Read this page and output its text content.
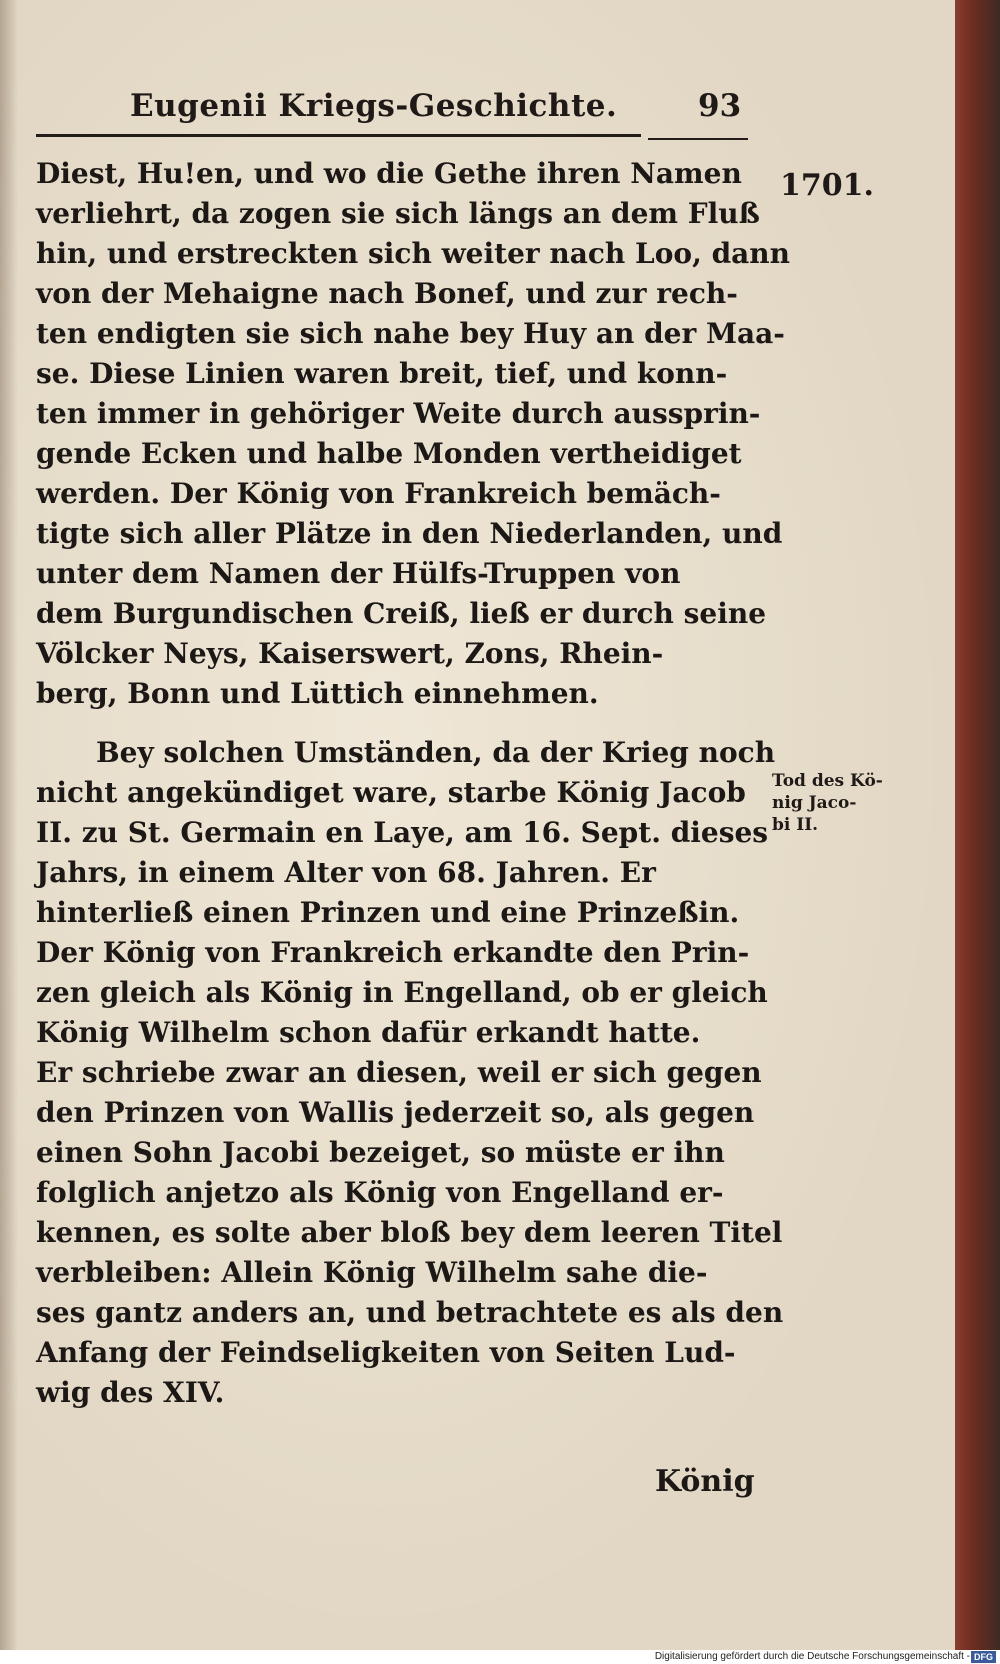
Eugenii Kriegs-Geschichte.	93
1701.
Tod des Kö-
nig Jaco-
bi II.
Diest, Hu!en, und wo die Gethe ihren Namen
verliehrt, da zogen sie sich längs an dem Fluß
hin, und erstreckten sich weiter nach Loo, dann
von der Mehaigne nach Bonef, und zur rech-
ten endigten sie sich nahe bey Huy an der Maa-
se. Diese Linien waren breit, tief, und konn-
ten immer in gehöriger Weite durch aussprin-
gende Ecken und halbe Monden vertheidiget
werden. Der König von Frankreich bemäch-
tigte sich aller Plätze in den Niederlanden, und
unter dem Namen der Hülfs-Truppen von
dem Burgundischen Creiß, ließ er durch seine
Völcker Neys, Kaiserswert, Zons, Rhein-
berg, Bonn und Lüttich einnehmen.
Bey solchen Umständen, da der Krieg noch
nicht angekündiget ware, starbe König Jacob
II. zu St. Germain en Laye, am 16. Sept. dieses
Jahrs, in einem Alter von 68. Jahren. Er
hinterließ einen Prinzen und eine Prinzeßin.
Der König von Frankreich erkandte den Prin-
zen gleich als König in Engelland, ob er gleich
König Wilhelm schon dafür erkandt hatte.
Er schriebe zwar an diesen, weil er sich gegen
den Prinzen von Wallis jederzeit so, als gegen
einen Sohn Jacobi bezeiget, so müste er ihn
folglich anjetzo als König von Engelland er-
kennen, es solte aber bloß bey dem leeren Titel
verbleiben: Allein König Wilhelm sahe die-
ses gantz anders an, und betrachtete es als den
Anfang der Feindseligkeiten von Seiten Lud-
wig des XIV.
König
Digitalisierung gefördert durch die Deutsche Forschungsgemeinschaft - DFG
